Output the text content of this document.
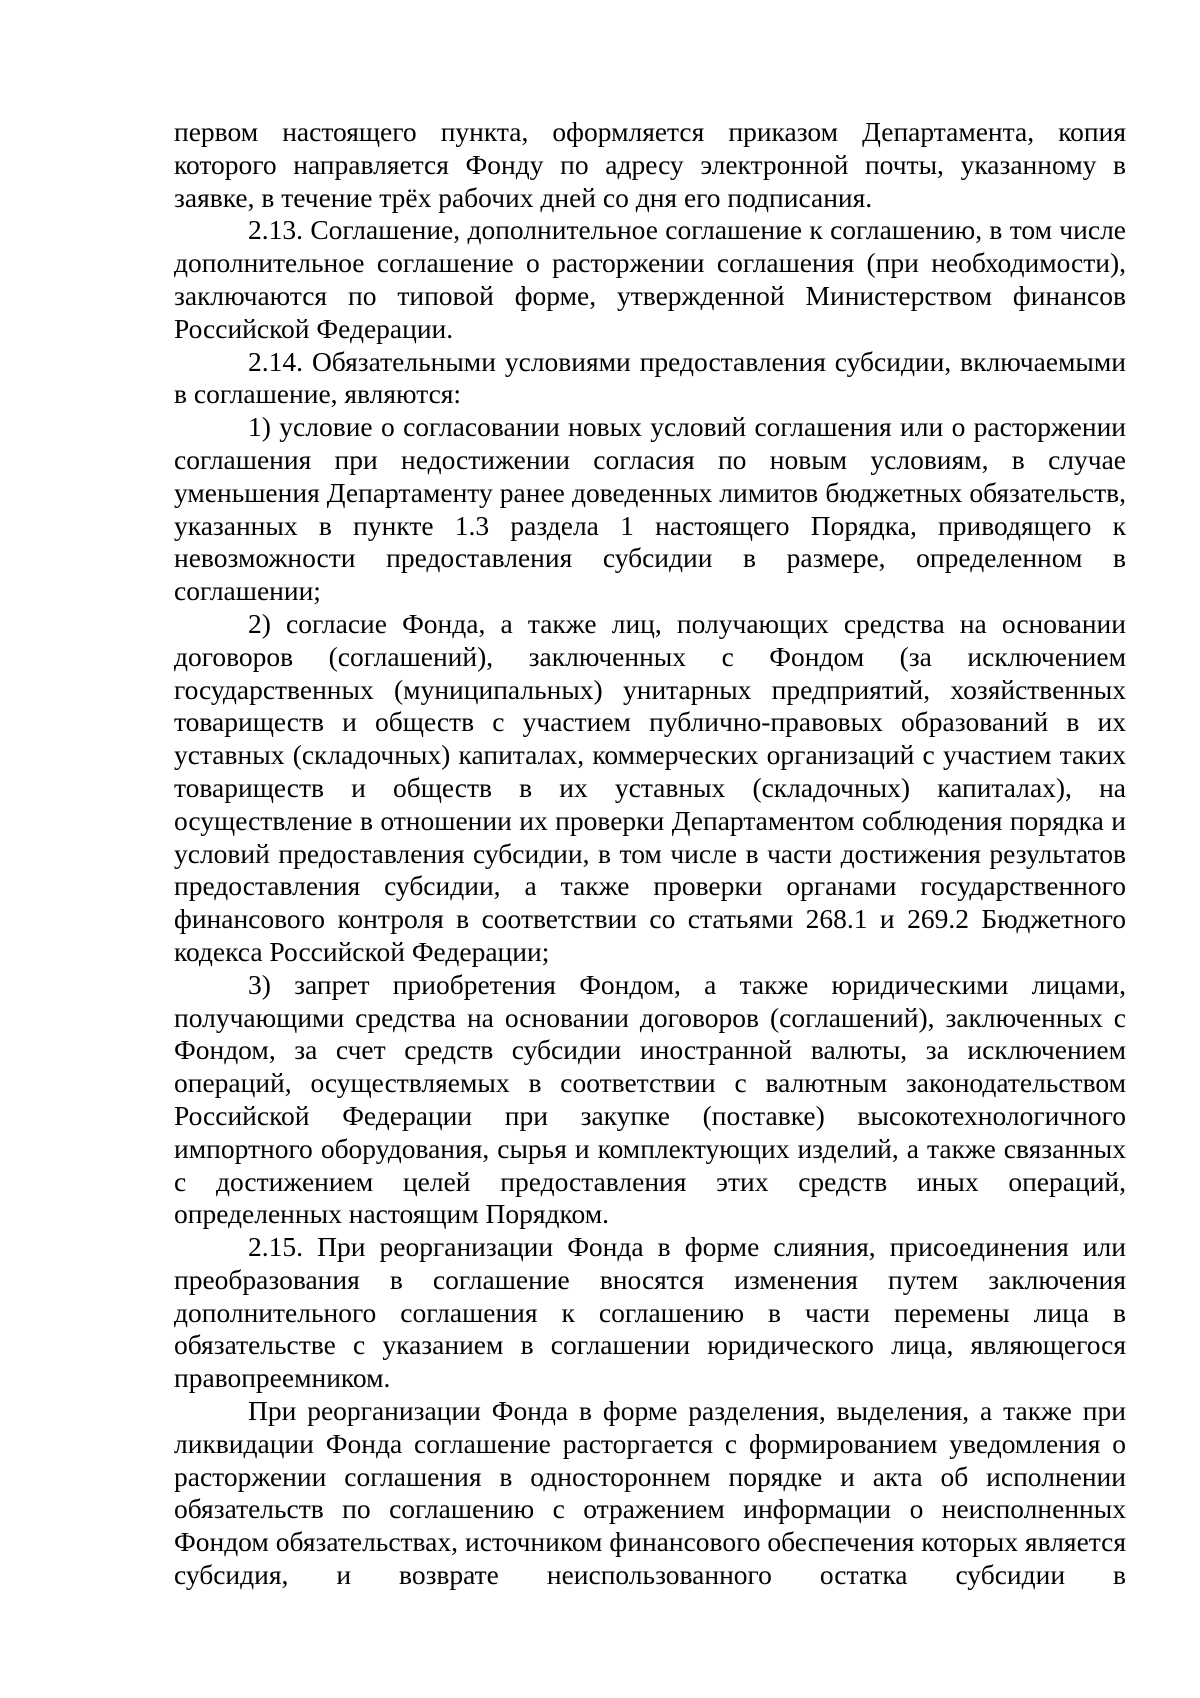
первом настоящего пункта, оформляется приказом Департамента, копия которого направляется Фонду по адресу электронной почты, указанному в заявке, в течение трёх рабочих дней со дня его подписания.

2.13. Соглашение, дополнительное соглашение к соглашению, в том числе дополнительное соглашение о расторжении соглашения (при необходимости), заключаются по типовой форме, утвержденной Министерством финансов Российской Федерации.

2.14. Обязательными условиями предоставления субсидии, включаемыми в соглашение, являются:

1) условие о согласовании новых условий соглашения или о расторжении соглашения при недостижении согласия по новым условиям, в случае уменьшения Департаменту ранее доведенных лимитов бюджетных обязательств, указанных в пункте 1.3 раздела 1 настоящего Порядка, приводящего к невозможности предоставления субсидии в размере, определенном в соглашении;

2) согласие Фонда, а также лиц, получающих средства на основании договоров (соглашений), заключенных с Фондом (за исключением государственных (муниципальных) унитарных предприятий, хозяйственных товариществ и обществ с участием публично-правовых образований в их уставных (складочных) капиталах, коммерческих организаций с участием таких товариществ и обществ в их уставных (складочных) капиталах), на осуществление в отношении их проверки Департаментом соблюдения порядка и условий предоставления субсидии, в том числе в части достижения результатов предоставления субсидии, а также проверки органами государственного финансового контроля в соответствии со статьями 268.1 и 269.2 Бюджетного кодекса Российской Федерации;

3) запрет приобретения Фондом, а также юридическими лицами, получающими средства на основании договоров (соглашений), заключенных с Фондом, за счет средств субсидии иностранной валюты, за исключением операций, осуществляемых в соответствии с валютным законодательством Российской Федерации при закупке (поставке) высокотехнологичного импортного оборудования, сырья и комплектующих изделий, а также связанных с достижением целей предоставления этих средств иных операций, определенных настоящим Порядком.

2.15. При реорганизации Фонда в форме слияния, присоединения или преобразования в соглашение вносятся изменения путем заключения дополнительного соглашения к соглашению в части перемены лица в обязательстве с указанием в соглашении юридического лица, являющегося правопреемником.

При реорганизации Фонда в форме разделения, выделения, а также при ликвидации Фонда соглашение расторгается с формированием уведомления о расторжении соглашения в одностороннем порядке и акта об исполнении обязательств по соглашению с отражением информации о неисполненных Фондом обязательствах, источником финансового обеспечения которых является субсидия, и возврате неиспользованного остатка субсидии в
